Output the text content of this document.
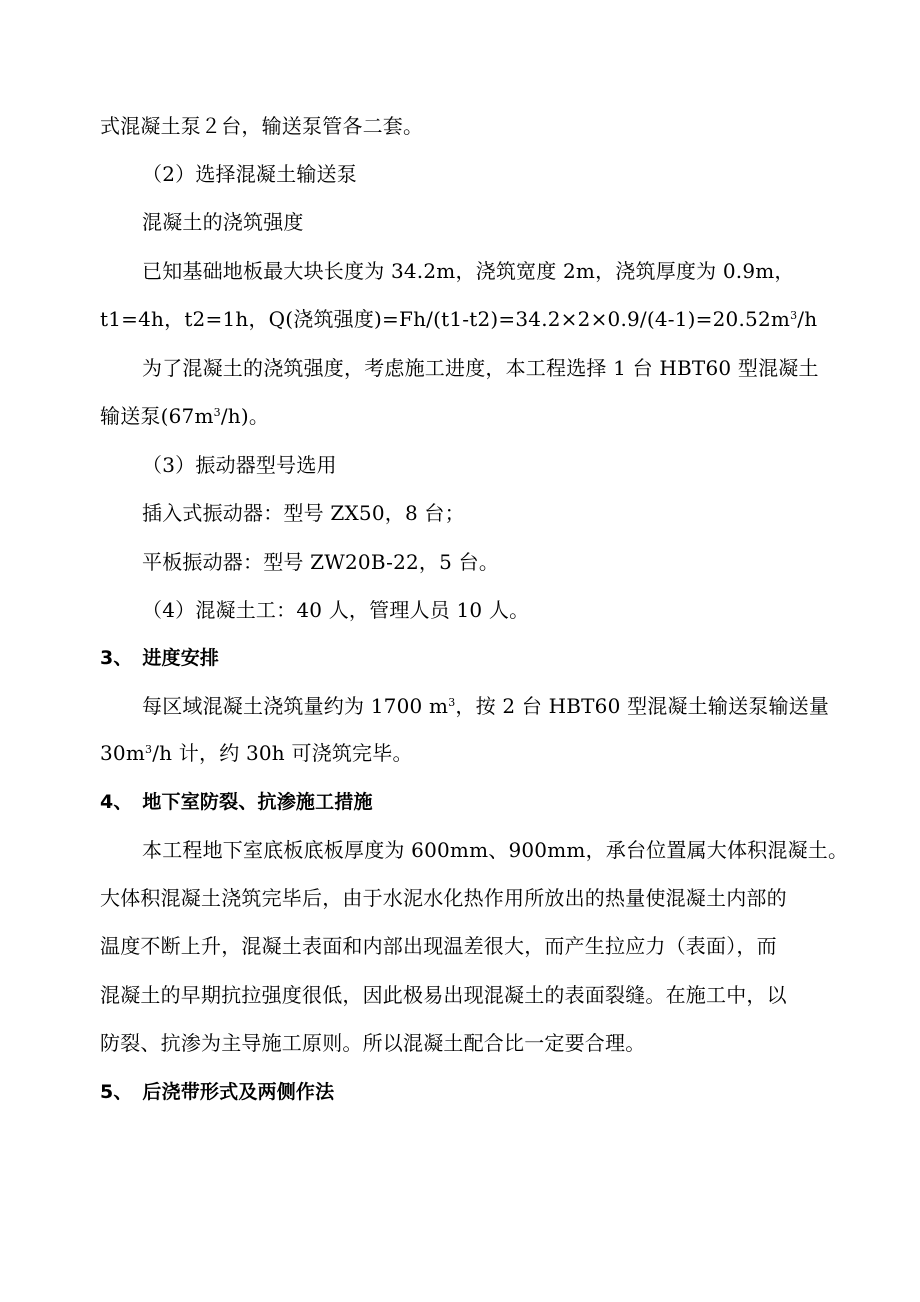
式混凝土泵２台，输送泵管各二套。
（2）选择混凝土输送泵
混凝土的浇筑强度
已知基础地板最大块长度为 34.2m，浇筑宽度 2m，浇筑厚度为 0.9m，
t1=4h，t2=1h，Q(浇筑强度)$=Fh/(t1-t2)=34.2\times 2\times 0.9/(4-1)=20.52m^3/h$
为了混凝土的浇筑强度，考虑施工进度，本工程选择 1 台 HBT60 型混凝土
输送泵$(67m^3/h)$。
（3）振动器型号选用
插入式振动器：型号 ZX50，8 台；
平板振动器：型号 ZW20B-22，5 台。
（4）混凝土工：40 人，管理人员 10 人。
3、　进度安排
每区域混凝土浇筑量约为 1700 $m^3$，按 2 台 HBT60 型混凝土输送泵输送量
$30m^3/h$ 计，约 30h 可浇筑完毕。
4、　地下室防裂、抗渗施工措施
本工程地下室底板底板厚度为 600mm、900mm，承台位置属大体积混凝土。
大体积混凝土浇筑完毕后，由于水泥水化热作用所放出的热量使混凝土内部的
温度不断上升，混凝土表面和内部出现温差很大，而产生拉应力（表面），而
混凝土的早期抗拉强度很低，因此极易出现混凝土的表面裂缝。在施工中，以
防裂、抗渗为主导施工原则。所以混凝土配合比一定要合理。
5、　后浇带形式及两侧作法
